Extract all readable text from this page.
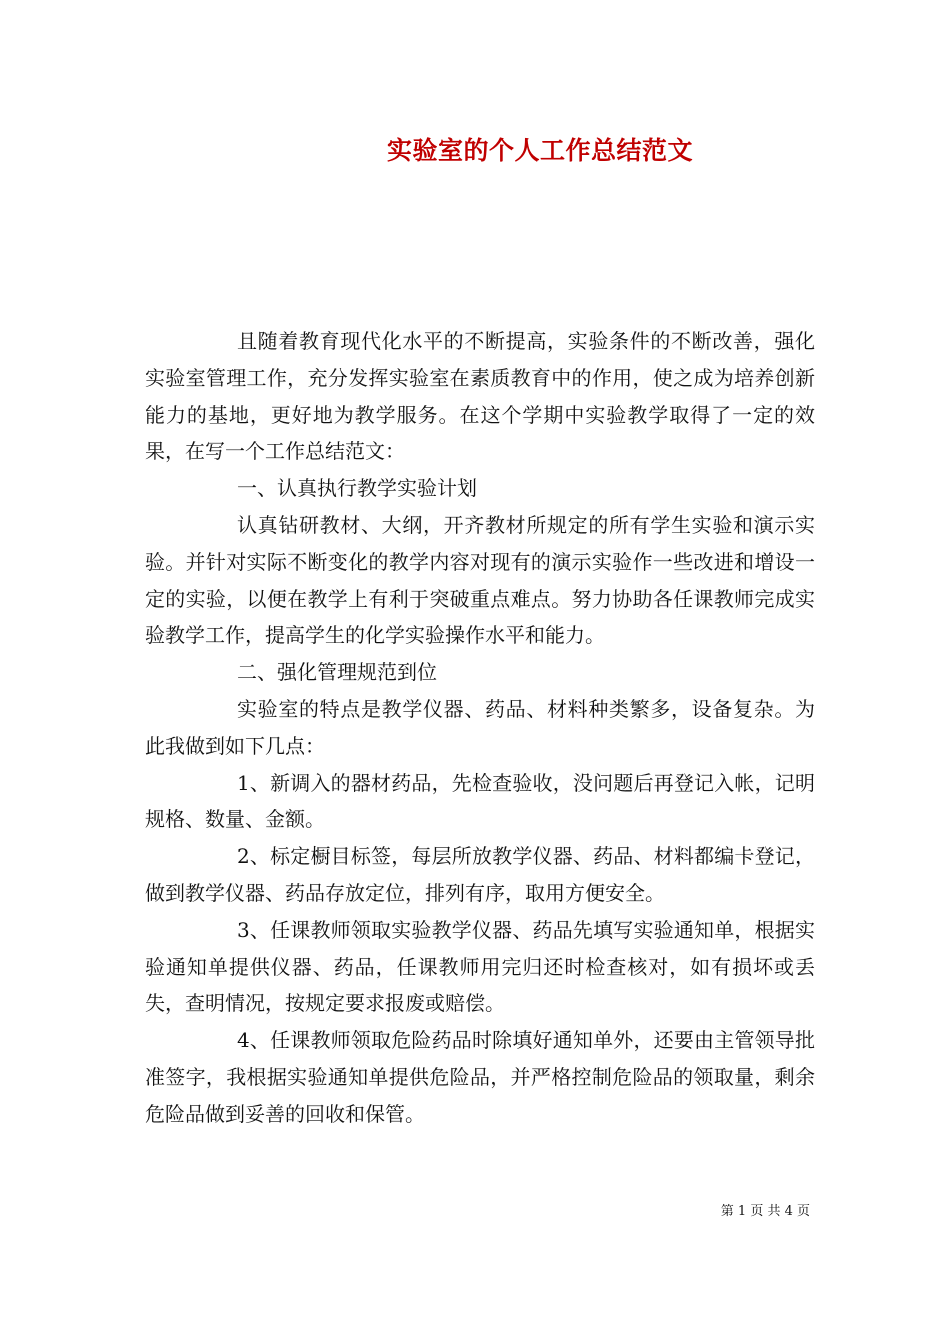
实验室的个人工作总结范文

且随着教育现代化水平的不断提高，实验条件的不断改善，强化实验室管理工作，充分发挥实验室在素质教育中的作用，使之成为培养创新能力的基地，更好地为教学服务。在这个学期中实验教学取得了一定的效果，在写一个工作总结范文：

一、认真执行教学实验计划

认真钻研教材、大纲，开齐教材所规定的所有学生实验和演示实验。并针对实际不断变化的教学内容对现有的演示实验作一些改进和增设一定的实验，以便在教学上有利于突破重点难点。努力协助各任课教师完成实验教学工作，提高学生的化学实验操作水平和能力。

二、强化管理规范到位

实验室的特点是教学仪器、药品、材料种类繁多，设备复杂。为此我做到如下几点：

1、新调入的器材药品，先检查验收，没问题后再登记入帐，记明规格、数量、金额。

2、标定橱目标签，每层所放教学仪器、药品、材料都编卡登记，做到教学仪器、药品存放定位，排列有序，取用方便安全。

3、任课教师领取实验教学仪器、药品先填写实验通知单，根据实验通知单提供仪器、药品，任课教师用完归还时检查核对，如有损坏或丢失，查明情况，按规定要求报废或赔偿。

4、任课教师领取危险药品时除填好通知单外，还要由主管领导批准签字，我根据实验通知单提供危险品，并严格控制危险品的领取量，剩余危险品做到妥善的回收和保管。

第 1 页 共 4 页
